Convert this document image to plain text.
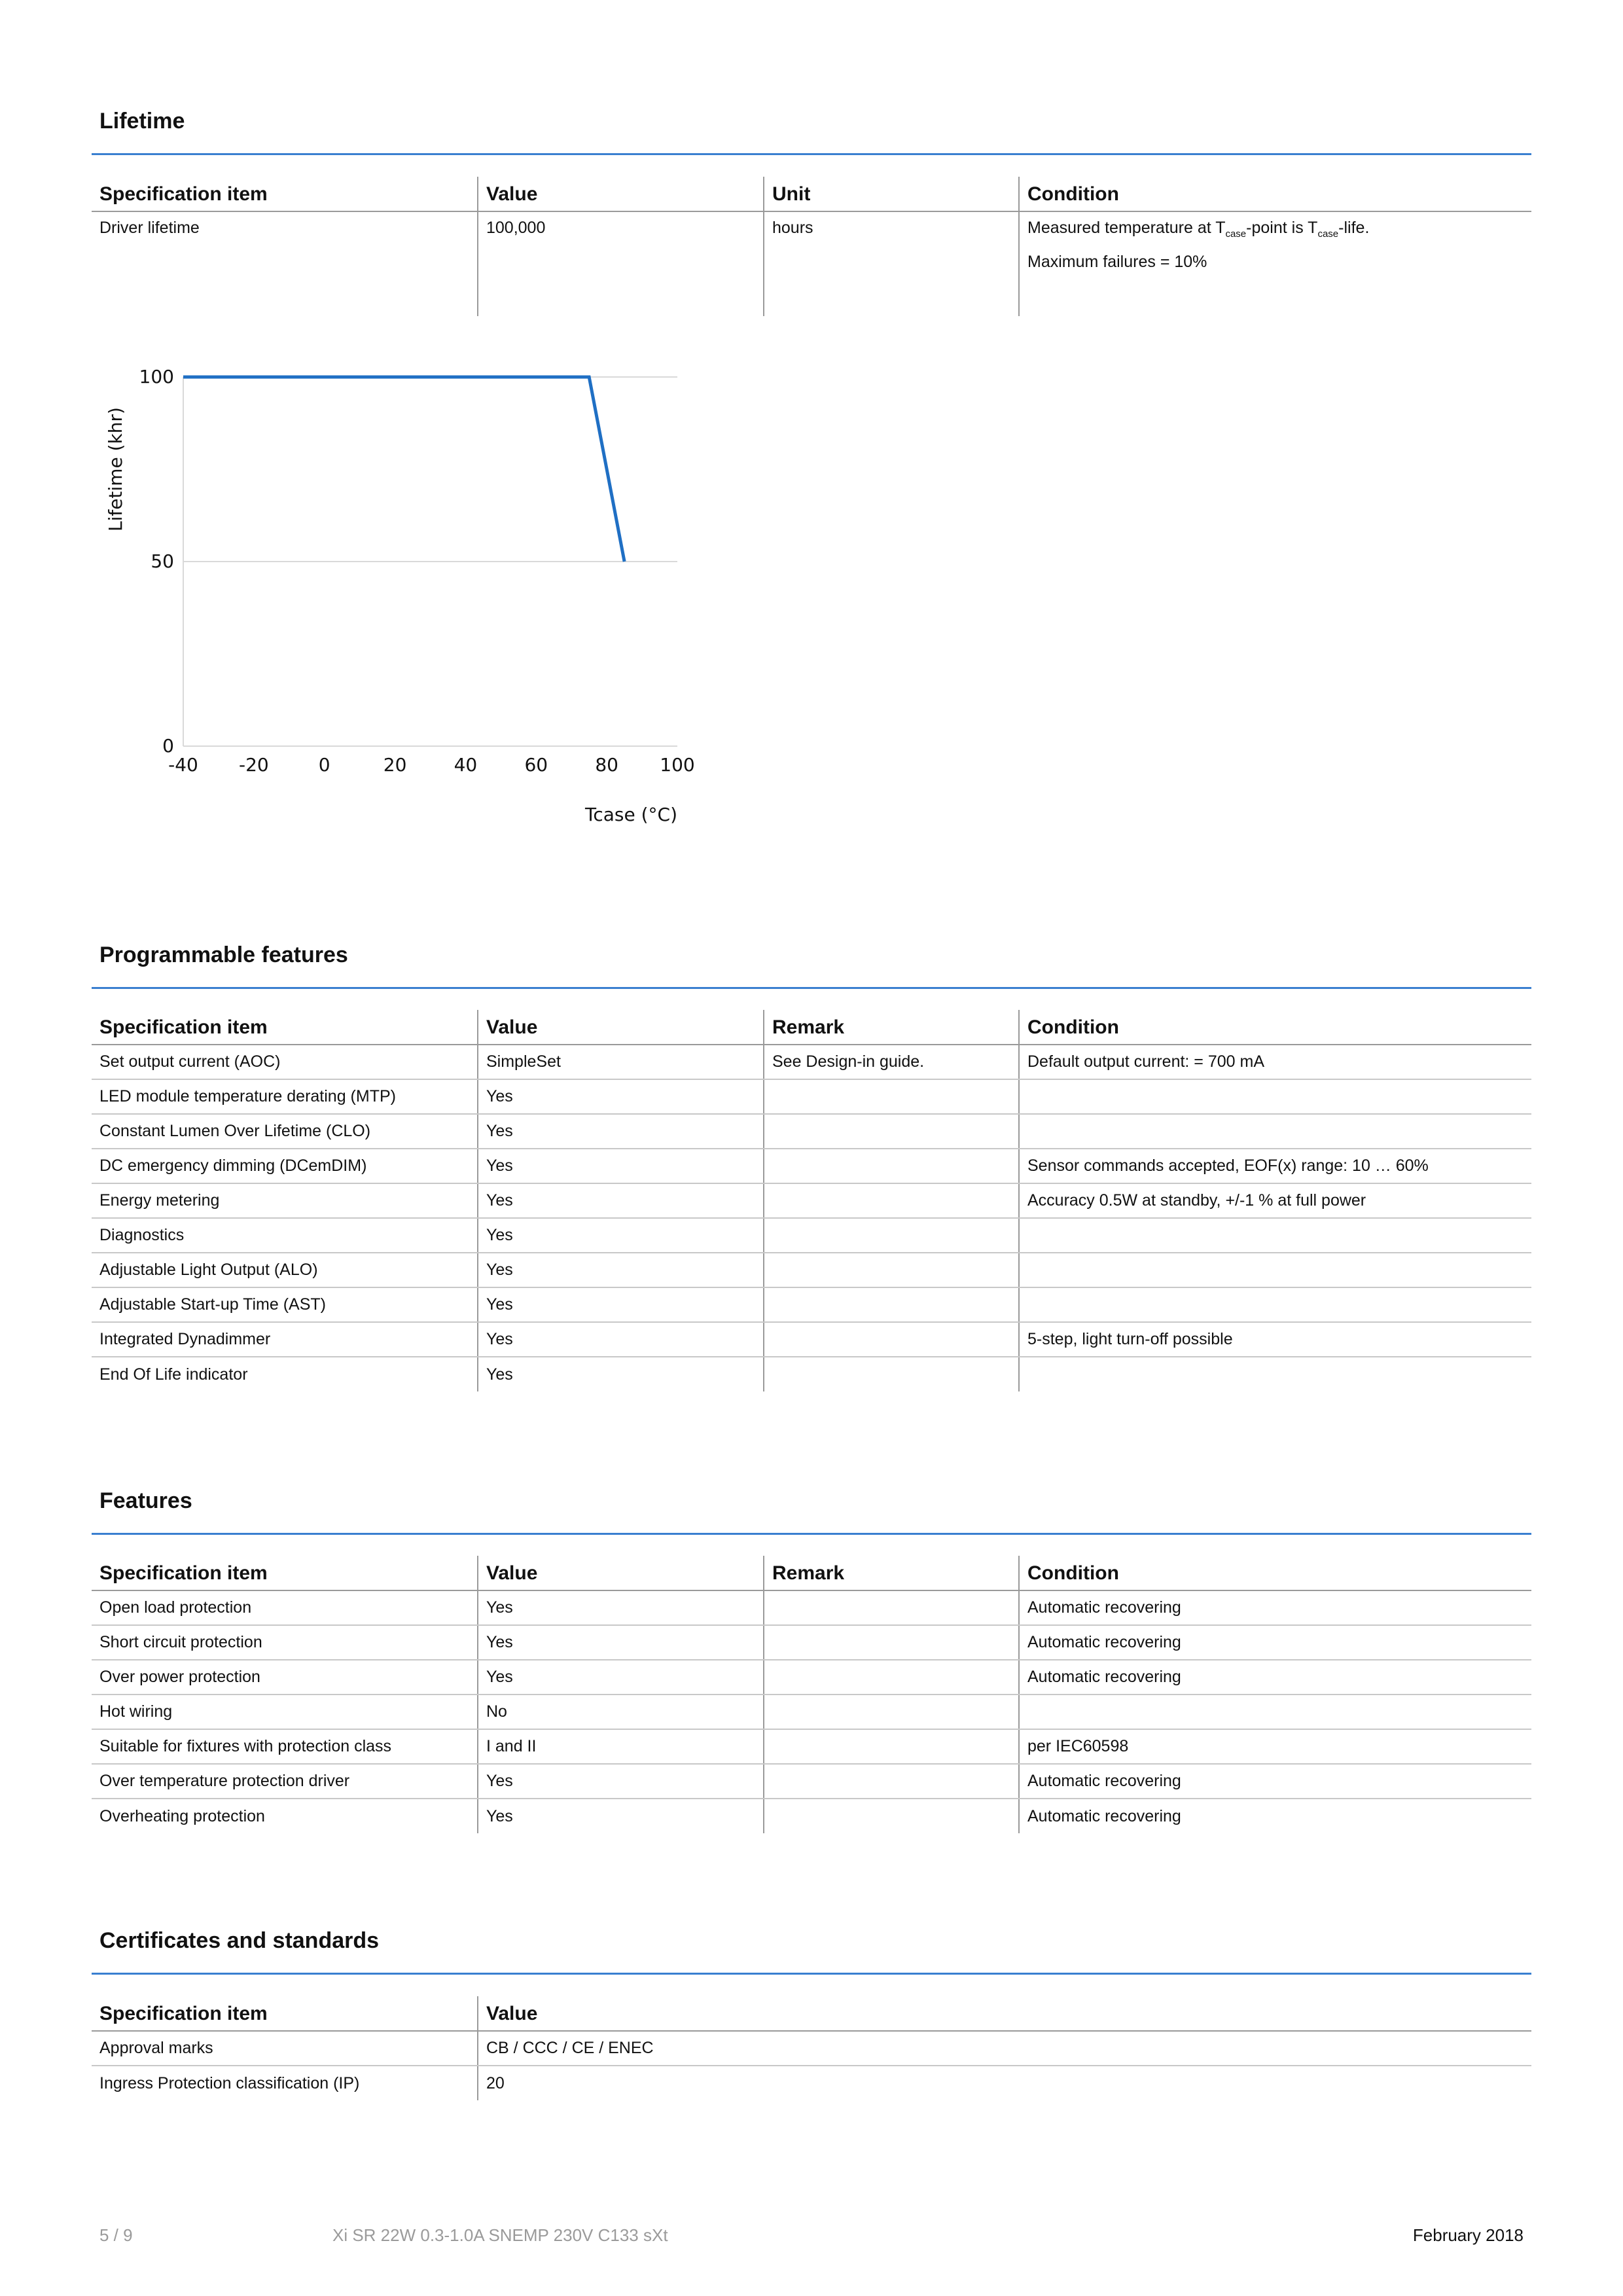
Lifetime
Specification item	Value	Unit	Condition
Driver lifetime	100,000	hours	Measured temperature at $T_{case}$-point is $T_{case}$-life.
Maximum failures = 10%
0
50
100
-40 -20	0	20	40	60	80 100
Tcase (°C)
Lifetime (khr)
Programmable features
Specification item	Value	Remark	Condition
Set output current (AOC)	SimpleSet	See Design-in guide.	Default output current: = 700 mA
LED module temperature derating (MTP)	Yes		
Constant Lumen Over Lifetime (CLO)	Yes		
DC emergency dimming (DCemDIM)	Yes		Sensor commands accepted, EOF(x) range: 10 … 60%
Energy metering	Yes		Accuracy 0.5W at standby, +/-1 % at full power
Diagnostics	Yes		
Adjustable Light Output (ALO)	Yes		
Adjustable Start-up Time (AST)	Yes		
Integrated Dynadimmer	Yes		5-step, light turn-off possible
End Of Life indicator	Yes		
Features
Specification item	Value	Remark	Condition
Open load protection	Yes		Automatic recovering
Short circuit protection	Yes		Automatic recovering
Over power protection	Yes		Automatic recovering
Hot wiring	No		
Suitable for fixtures with protection class	I and II		per IEC60598
Over temperature protection driver	Yes		Automatic recovering
Overheating protection	Yes		Automatic recovering
Certificates and standards
Specification item	Value
Approval marks	CB / CCC / CE / ENEC
Ingress Protection classification (IP)	20
5 / 9	Xi SR 22W 0.3-1.0A SNEMP 230V C133 sXt	February 2018
